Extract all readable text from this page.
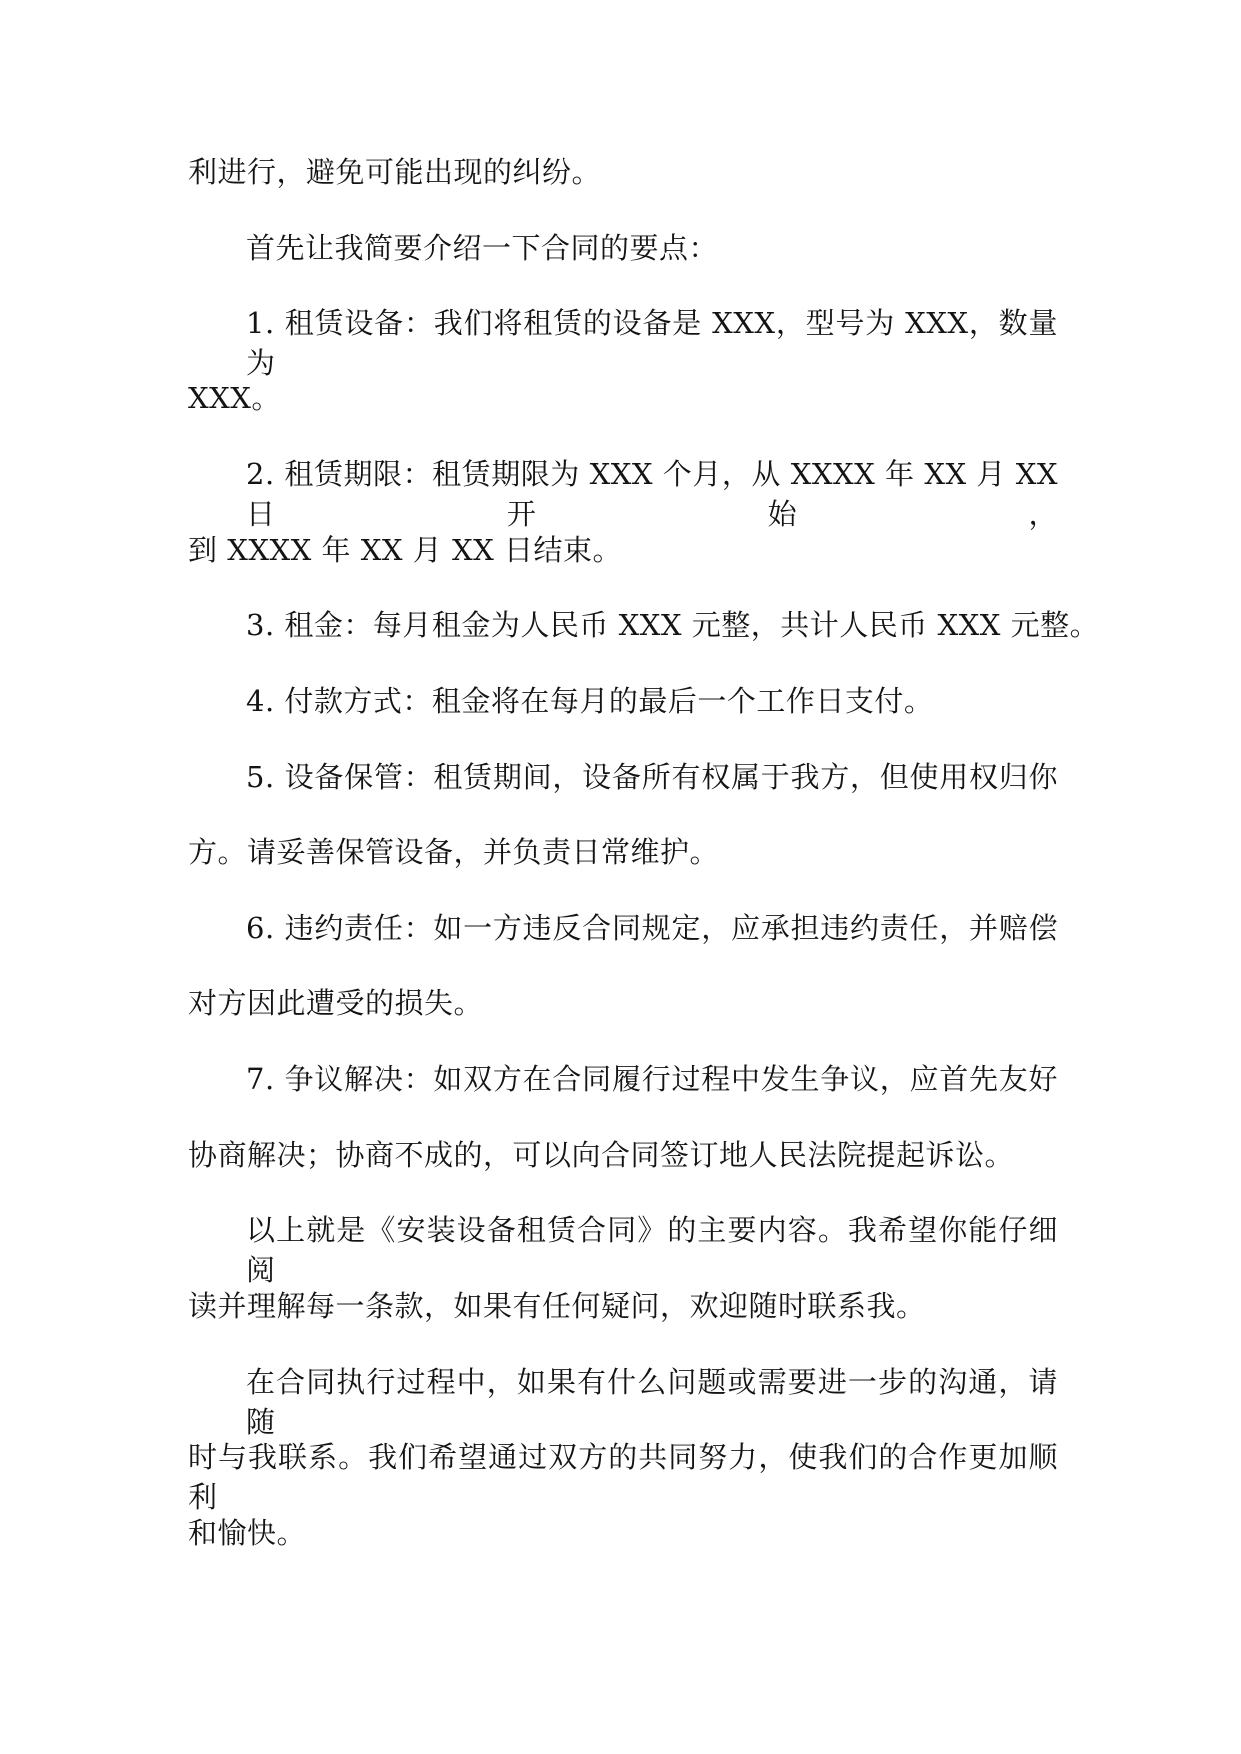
利进行，避免可能出现的纠纷。
首先让我简要介绍一下合同的要点：
1. 租赁设备：我们将租赁的设备是 XXX，型号为 XXX，数量为
XXX。
2. 租赁期限：租赁期限为 XXX 个月，从 XXXX 年 XX 月 XX 日开始，
到 XXXX 年 XX 月 XX 日结束。
3. 租金：每月租金为人民币 XXX 元整，共计人民币 XXX 元整。
4. 付款方式：租金将在每月的最后一个工作日支付。
5. 设备保管：租赁期间，设备所有权属于我方，但使用权归你
方。请妥善保管设备，并负责日常维护。
6. 违约责任：如一方违反合同规定，应承担违约责任，并赔偿
对方因此遭受的损失。
7. 争议解决：如双方在合同履行过程中发生争议，应首先友好
协商解决；协商不成的，可以向合同签订地人民法院提起诉讼。
以上就是《安装设备租赁合同》的主要内容。我希望你能仔细阅
读并理解每一条款，如果有任何疑问，欢迎随时联系我。
在合同执行过程中，如果有什么问题或需要进一步的沟通，请随
时与我联系。我们希望通过双方的共同努力，使我们的合作更加顺利
和愉快。
